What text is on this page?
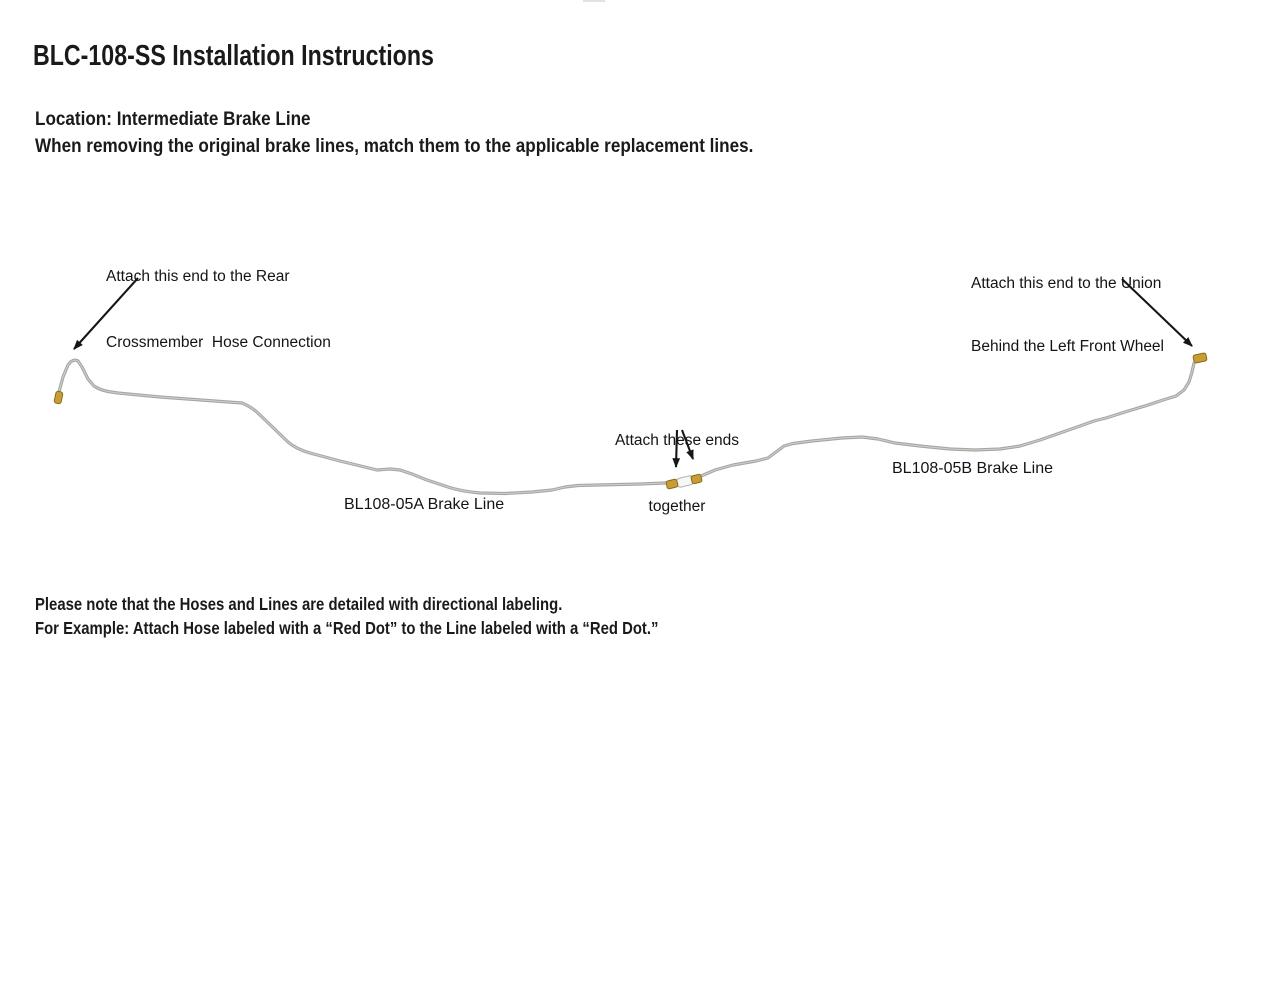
BLC-108-SS Installation Instructions
Location: Intermediate Brake Line
When removing the original brake lines, match them to the applicable replacement lines.

Attach this end to the Rear

Crossmember  Hose Connection

Attach these ends

together

Attach this end to the Union

Behind the Left Front Wheel

BL108-05A Brake Line
BL108-05B Brake Line
Please note that the Hoses and Lines are detailed with directional labeling.
For Example: Attach Hose labeled with a “Red Dot” to the Line labeled with a “Red Dot.”
